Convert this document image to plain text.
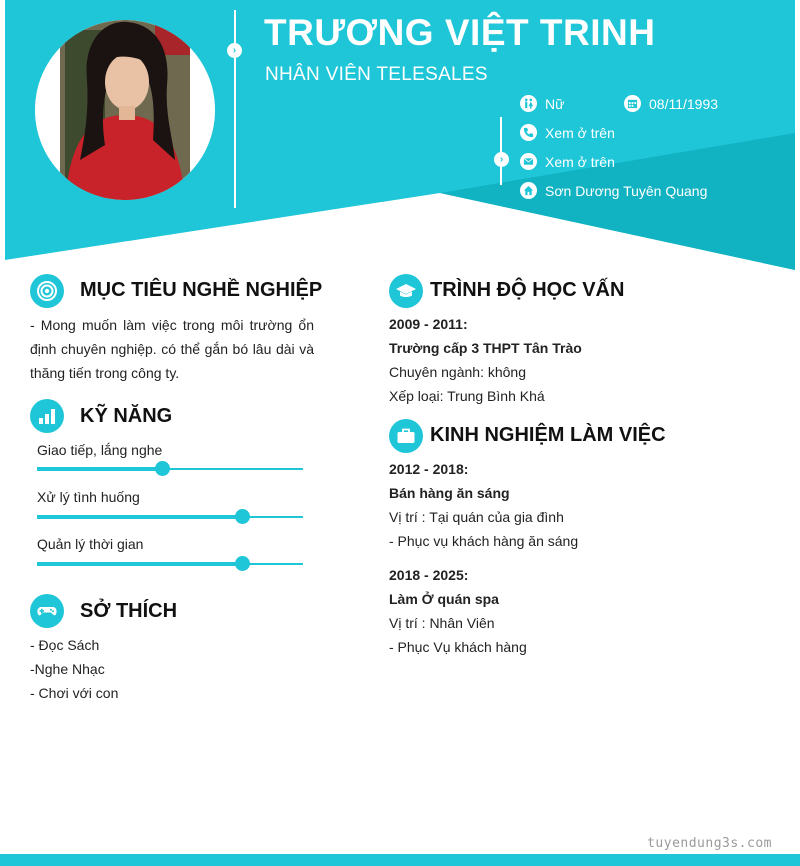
› TRƯƠNG VIỆT TRINH
NHÂN VIÊN TELESALES
›
Nữ	08/11/1993
Xem ở trên
Xem ở trên
Sơn Dương Tuyên Quang
MỤC TIÊU NGHỀ NGHIỆP
- Mong muốn làm việc trong môi trường ổn định chuyên nghiệp. có thể gắn bó lâu dài và thăng tiến trong công ty.
KỸ NĂNG
Giao tiếp, lắng nghe
Xử lý tình huống
Quản lý thời gian
SỞ THÍCH
- Đọc Sách
-Nghe Nhạc
- Chơi với con
TRÌNH ĐỘ HỌC VẤN
2009 - 2011:
Trường cấp 3 THPT Tân Trào
Chuyên ngành: không
Xếp loại: Trung Bình Khá
KINH NGHIỆM LÀM VIỆC
2012 - 2018:
Bán hàng ăn sáng
Vị trí : Tại quán của gia đình
- Phục vụ khách hàng ăn sáng
2018 - 2025:
Làm Ở quán spa
Vị trí : Nhân Viên
- Phục Vụ khách hàng
tuyendung3s.com
